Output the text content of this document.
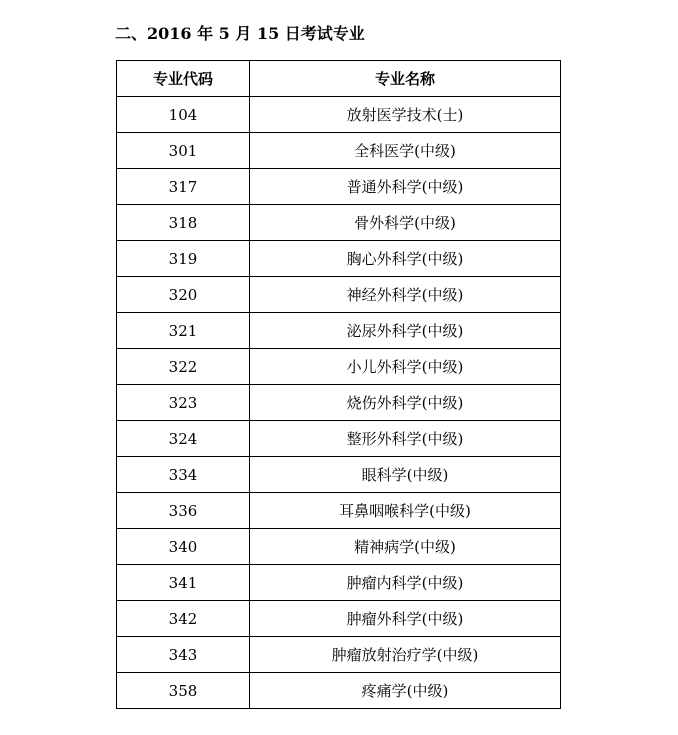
二、2016 年 5 月 15 日考试专业
专业代码	专业名称
104	放射医学技术(士)
301	全科医学(中级)
317	普通外科学(中级)
318	骨外科学(中级)
319	胸心外科学(中级)
320	神经外科学(中级)
321	泌尿外科学(中级)
322	小儿外科学(中级)
323	烧伤外科学(中级)
324	整形外科学(中级)
334	眼科学(中级)
336	耳鼻咽喉科学(中级)
340	精神病学(中级)
341	肿瘤内科学(中级)
342	肿瘤外科学(中级)
343	肿瘤放射治疗学(中级)
358	疼痛学(中级)
